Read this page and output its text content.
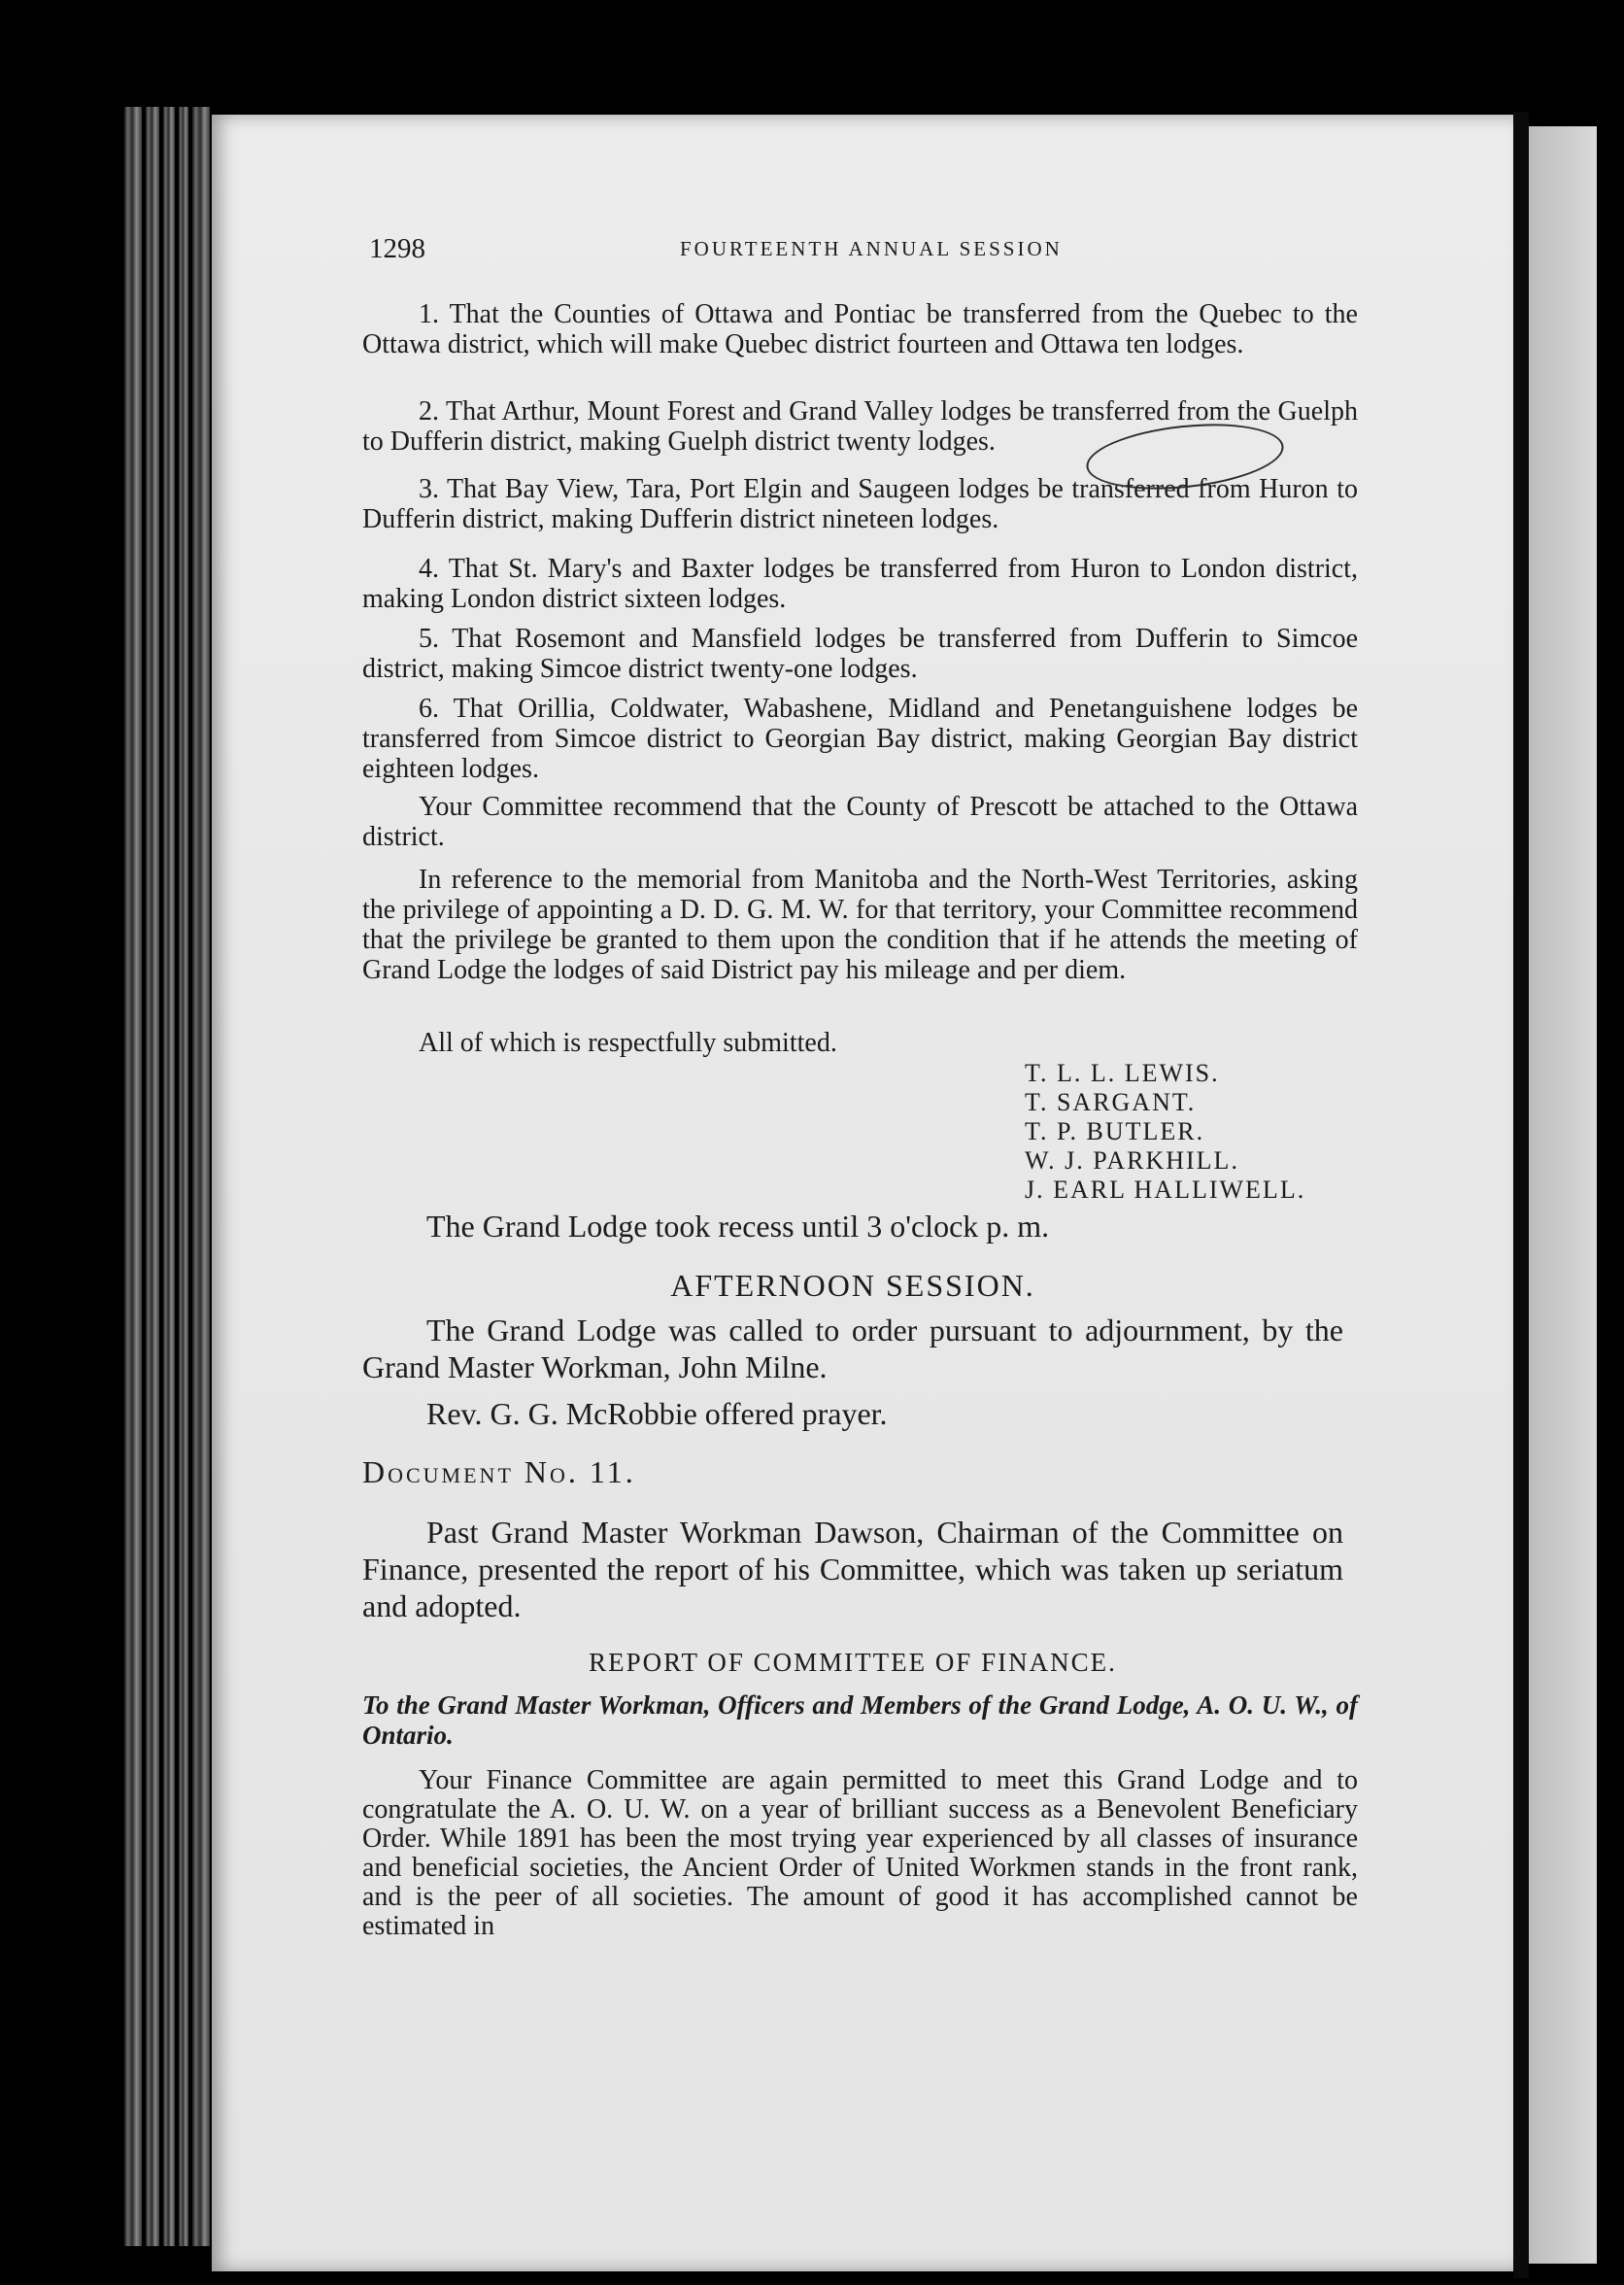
1298	FOURTEENTH ANNUAL SESSION
1. That the Counties of Ottawa and Pontiac be transferred from the Quebec to the Ottawa district, which will make Quebec district fourteen and Ottawa ten lodges.
2. That Arthur, Mount Forest and Grand Valley lodges be transferred from the Guelph to Dufferin district, making Guelph district twenty lodges.
3. That Bay View, Tara, Port Elgin and Saugeen lodges be transferred from Huron to Dufferin district, making Dufferin district nineteen lodges.
4. That St. Mary's and Baxter lodges be transferred from Huron to London district, making London district sixteen lodges.
5. That Rosemont and Mansfield lodges be transferred from Dufferin to Simcoe district, making Simcoe district twenty-one lodges.
6. That Orillia, Coldwater, Wabashene, Midland and Penetanguishene lodges be transferred from Simcoe district to Georgian Bay district, making Georgian Bay district eighteen lodges.
Your Committee recommend that the County of Prescott be attached to the Ottawa district.
In reference to the memorial from Manitoba and the North-West Territories, asking the privilege of appointing a D. D. G. M. W. for that territory, your Committee recommend that the privilege be granted to them upon the condition that if he attends the meeting of Grand Lodge the lodges of said District pay his mileage and per diem.
All of which is respectfully submitted.
T. L. L. LEWIS.
T. SARGANT.
T. P. BUTLER.
W. J. PARKHILL.
J. EARL HALLIWELL.
The Grand Lodge took recess until 3 o'clock p. m.
AFTERNOON SESSION.
The Grand Lodge was called to order pursuant to adjournment, by the Grand Master Workman, John Milne.
Rev. G. G. McRobbie offered prayer.
Document No. 11.
Past Grand Master Workman Dawson, Chairman of the Committee on Finance, presented the report of his Committee, which was taken up seriatum and adopted.
REPORT OF COMMITTEE OF FINANCE.
To the Grand Master Workman, Officers and Members of the Grand Lodge, A. O. U. W., of Ontario.
Your Finance Committee are again permitted to meet this Grand Lodge and to congratulate the A. O. U. W. on a year of brilliant success as a Benevolent Beneficiary Order. While 1891 has been the most trying year experienced by all classes of insurance and beneficial societies, the Ancient Order of United Workmen stands in the front rank, and is the peer of all societies. The amount of good it has accomplished cannot be estimated in
